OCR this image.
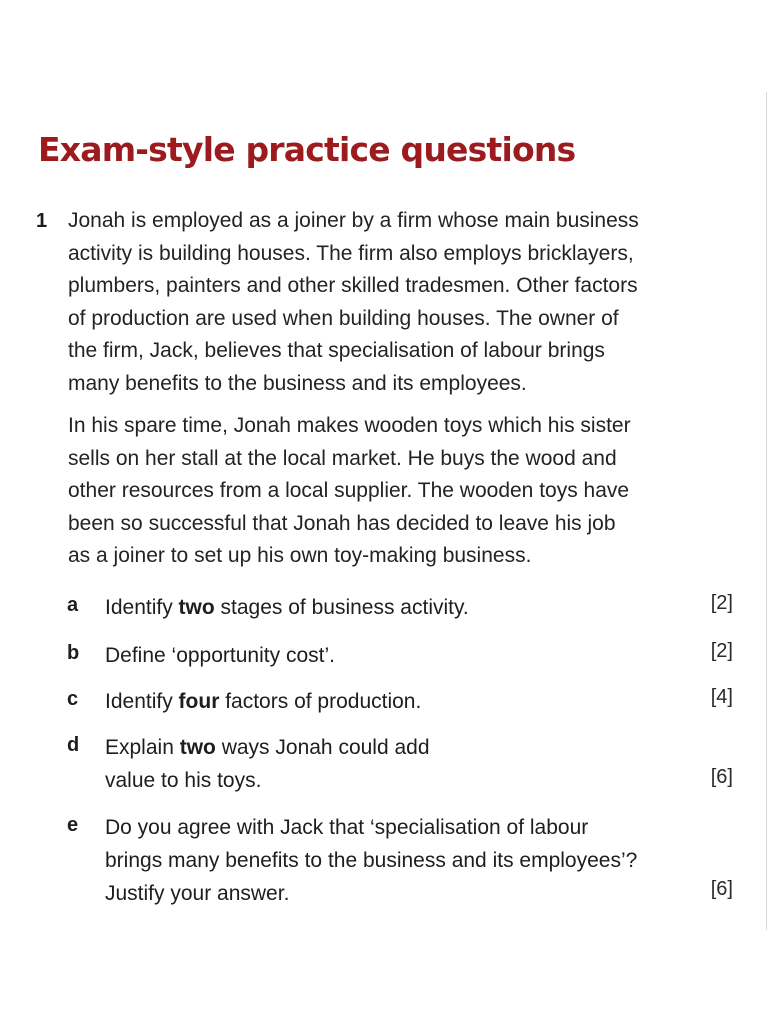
Exam-style practice questions
1 Jonah is employed as a joiner by a firm whose main business
activity is building houses. The firm also employs bricklayers,
plumbers, painters and other skilled tradesmen. Other factors
of production are used when building houses. The owner of
the firm, Jack, believes that specialisation of labour brings
many benefits to the business and its employees.

In his spare time, Jonah makes wooden toys which his sister
sells on her stall at the local market. He buys the wood and
other resources from a local supplier. The wooden toys have
been so successful that Jonah has decided to leave his job
as a joiner to set up his own toy-making business.

a Identify two stages of business activity.	[2]
b Define ‘opportunity cost’.	[2]
c Identify four factors of production.	[4]
d Explain two ways Jonah could add
value to his toys.	[6]
e Do you agree with Jack that ‘specialisation of labour
brings many benefits to the business and its employees’?
Justify your answer.	[6]
